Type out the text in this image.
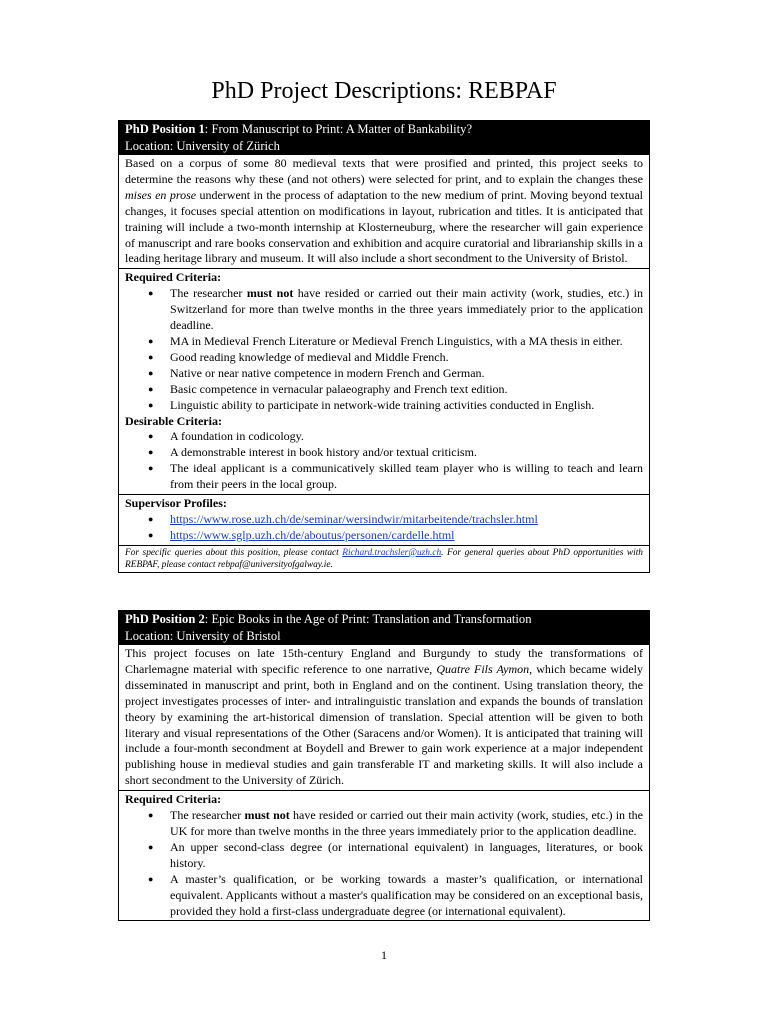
PhD Project Descriptions: REBPAF
PhD Position 1: From Manuscript to Print: A Matter of Bankability?
Location: University of Zürich
Based on a corpus of some 80 medieval texts that were prosified and printed, this project seeks to determine the reasons why these (and not others) were selected for print, and to explain the changes these mises en prose underwent in the process of adaptation to the new medium of print. Moving beyond textual changes, it focuses special attention on modifications in layout, rubrication and titles. It is anticipated that training will include a two-month internship at Klosterneuburg, where the researcher will gain experience of manuscript and rare books conservation and exhibition and acquire curatorial and librarianship skills in a leading heritage library and museum. It will also include a short secondment to the University of Bristol.
Required Criteria:
● The researcher must not have resided or carried out their main activity (work, studies, etc.) in Switzerland for more than twelve months in the three years immediately prior to the application deadline.
● MA in Medieval French Literature or Medieval French Linguistics, with a MA thesis in either.
● Good reading knowledge of medieval and Middle French.
● Native or near native competence in modern French and German.
● Basic competence in vernacular palaeography and French text edition.
● Linguistic ability to participate in network-wide training activities conducted in English.
Desirable Criteria:
● A foundation in codicology.
● A demonstrable interest in book history and/or textual criticism.
● The ideal applicant is a communicatively skilled team player who is willing to teach and learn from their peers in the local group.
Supervisor Profiles:
● https://www.rose.uzh.ch/de/seminar/wersindwir/mitarbeitende/trachsler.html
● https://www.sglp.uzh.ch/de/aboutus/personen/cardelle.html
For specific queries about this position, please contact Richard.trachsler@uzh.ch. For general queries about PhD opportunities with REBPAF, please contact rebpaf@universityofgalway.ie.
PhD Position 2: Epic Books in the Age of Print: Translation and Transformation
Location: University of Bristol
This project focuses on late 15th-century England and Burgundy to study the transformations of Charlemagne material with specific reference to one narrative, Quatre Fils Aymon, which became widely disseminated in manuscript and print, both in England and on the continent. Using translation theory, the project investigates processes of inter- and intralinguistic translation and expands the bounds of translation theory by examining the art-historical dimension of translation. Special attention will be given to both literary and visual representations of the Other (Saracens and/or Women). It is anticipated that training will include a four-month secondment at Boydell and Brewer to gain work experience at a major independent publishing house in medieval studies and gain transferable IT and marketing skills. It will also include a short secondment to the University of Zürich.
Required Criteria:
● The researcher must not have resided or carried out their main activity (work, studies, etc.) in the UK for more than twelve months in the three years immediately prior to the application deadline.
● An upper second-class degree (or international equivalent) in languages, literatures, or book history.
● A master’s qualification, or be working towards a master’s qualification, or international equivalent. Applicants without a master's qualification may be considered on an exceptional basis, provided they hold a first-class undergraduate degree (or international equivalent).
1
